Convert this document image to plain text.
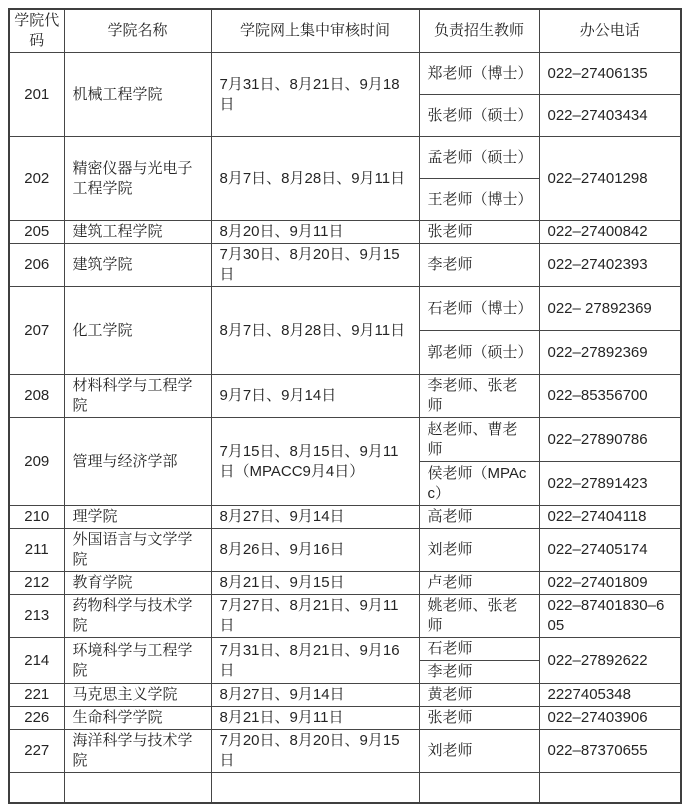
学院代码	学院名称	学院网上集中审核时间	负责招生教师	办公电话
201	机械工程学院	7月31日、8月21日、9月18日	郑老师（博士）	022–27406135
			张老师（硕士）	022–27403434
202	精密仪器与光电子工程学院	8月7日、8月28日、9月11日	孟老师（硕士）	022–27401298
			王老师（博士）	
205	建筑工程学院	8月20日、9月11日	张老师	022–27400842
206	建筑学院	7月30日、8月20日、9月15日	李老师	022–27402393
207	化工学院	8月7日、8月28日、9月11日	石老师（博士）	022– 27892369
			郭老师（硕士）	022–27892369
208	材料科学与工程学院	9月7日、9月14日	李老师、张老师	022–85356700
209	管理与经济学部	7月15日、8月15日、9月11日（MPACC9月4日）	赵老师、曹老师	022–27890786
			侯老师（MPAcc）	022–27891423
210	理学院	8月27日、9月14日	高老师	022–27404118
211	外国语言与文学学院	8月26日、9月16日	刘老师	022–27405174
212	教育学院	8月21日、9月15日	卢老师	022–27401809
213	药物科学与技术学院	7月27日、8月21日、9月11日	姚老师、张老师	022–87401830–605
214	环境科学与工程学院	7月31日、8月21日、9月16日	石老师	022–27892622
			李老师	
221	马克思主义学院	8月27日、9月14日	黄老师	2227405348
226	生命科学学院	8月21日、9月11日	张老师	022–27403906
227	海洋科学与技术学院	7月20日、8月20日、9月15日	刘老师	022–87370655
